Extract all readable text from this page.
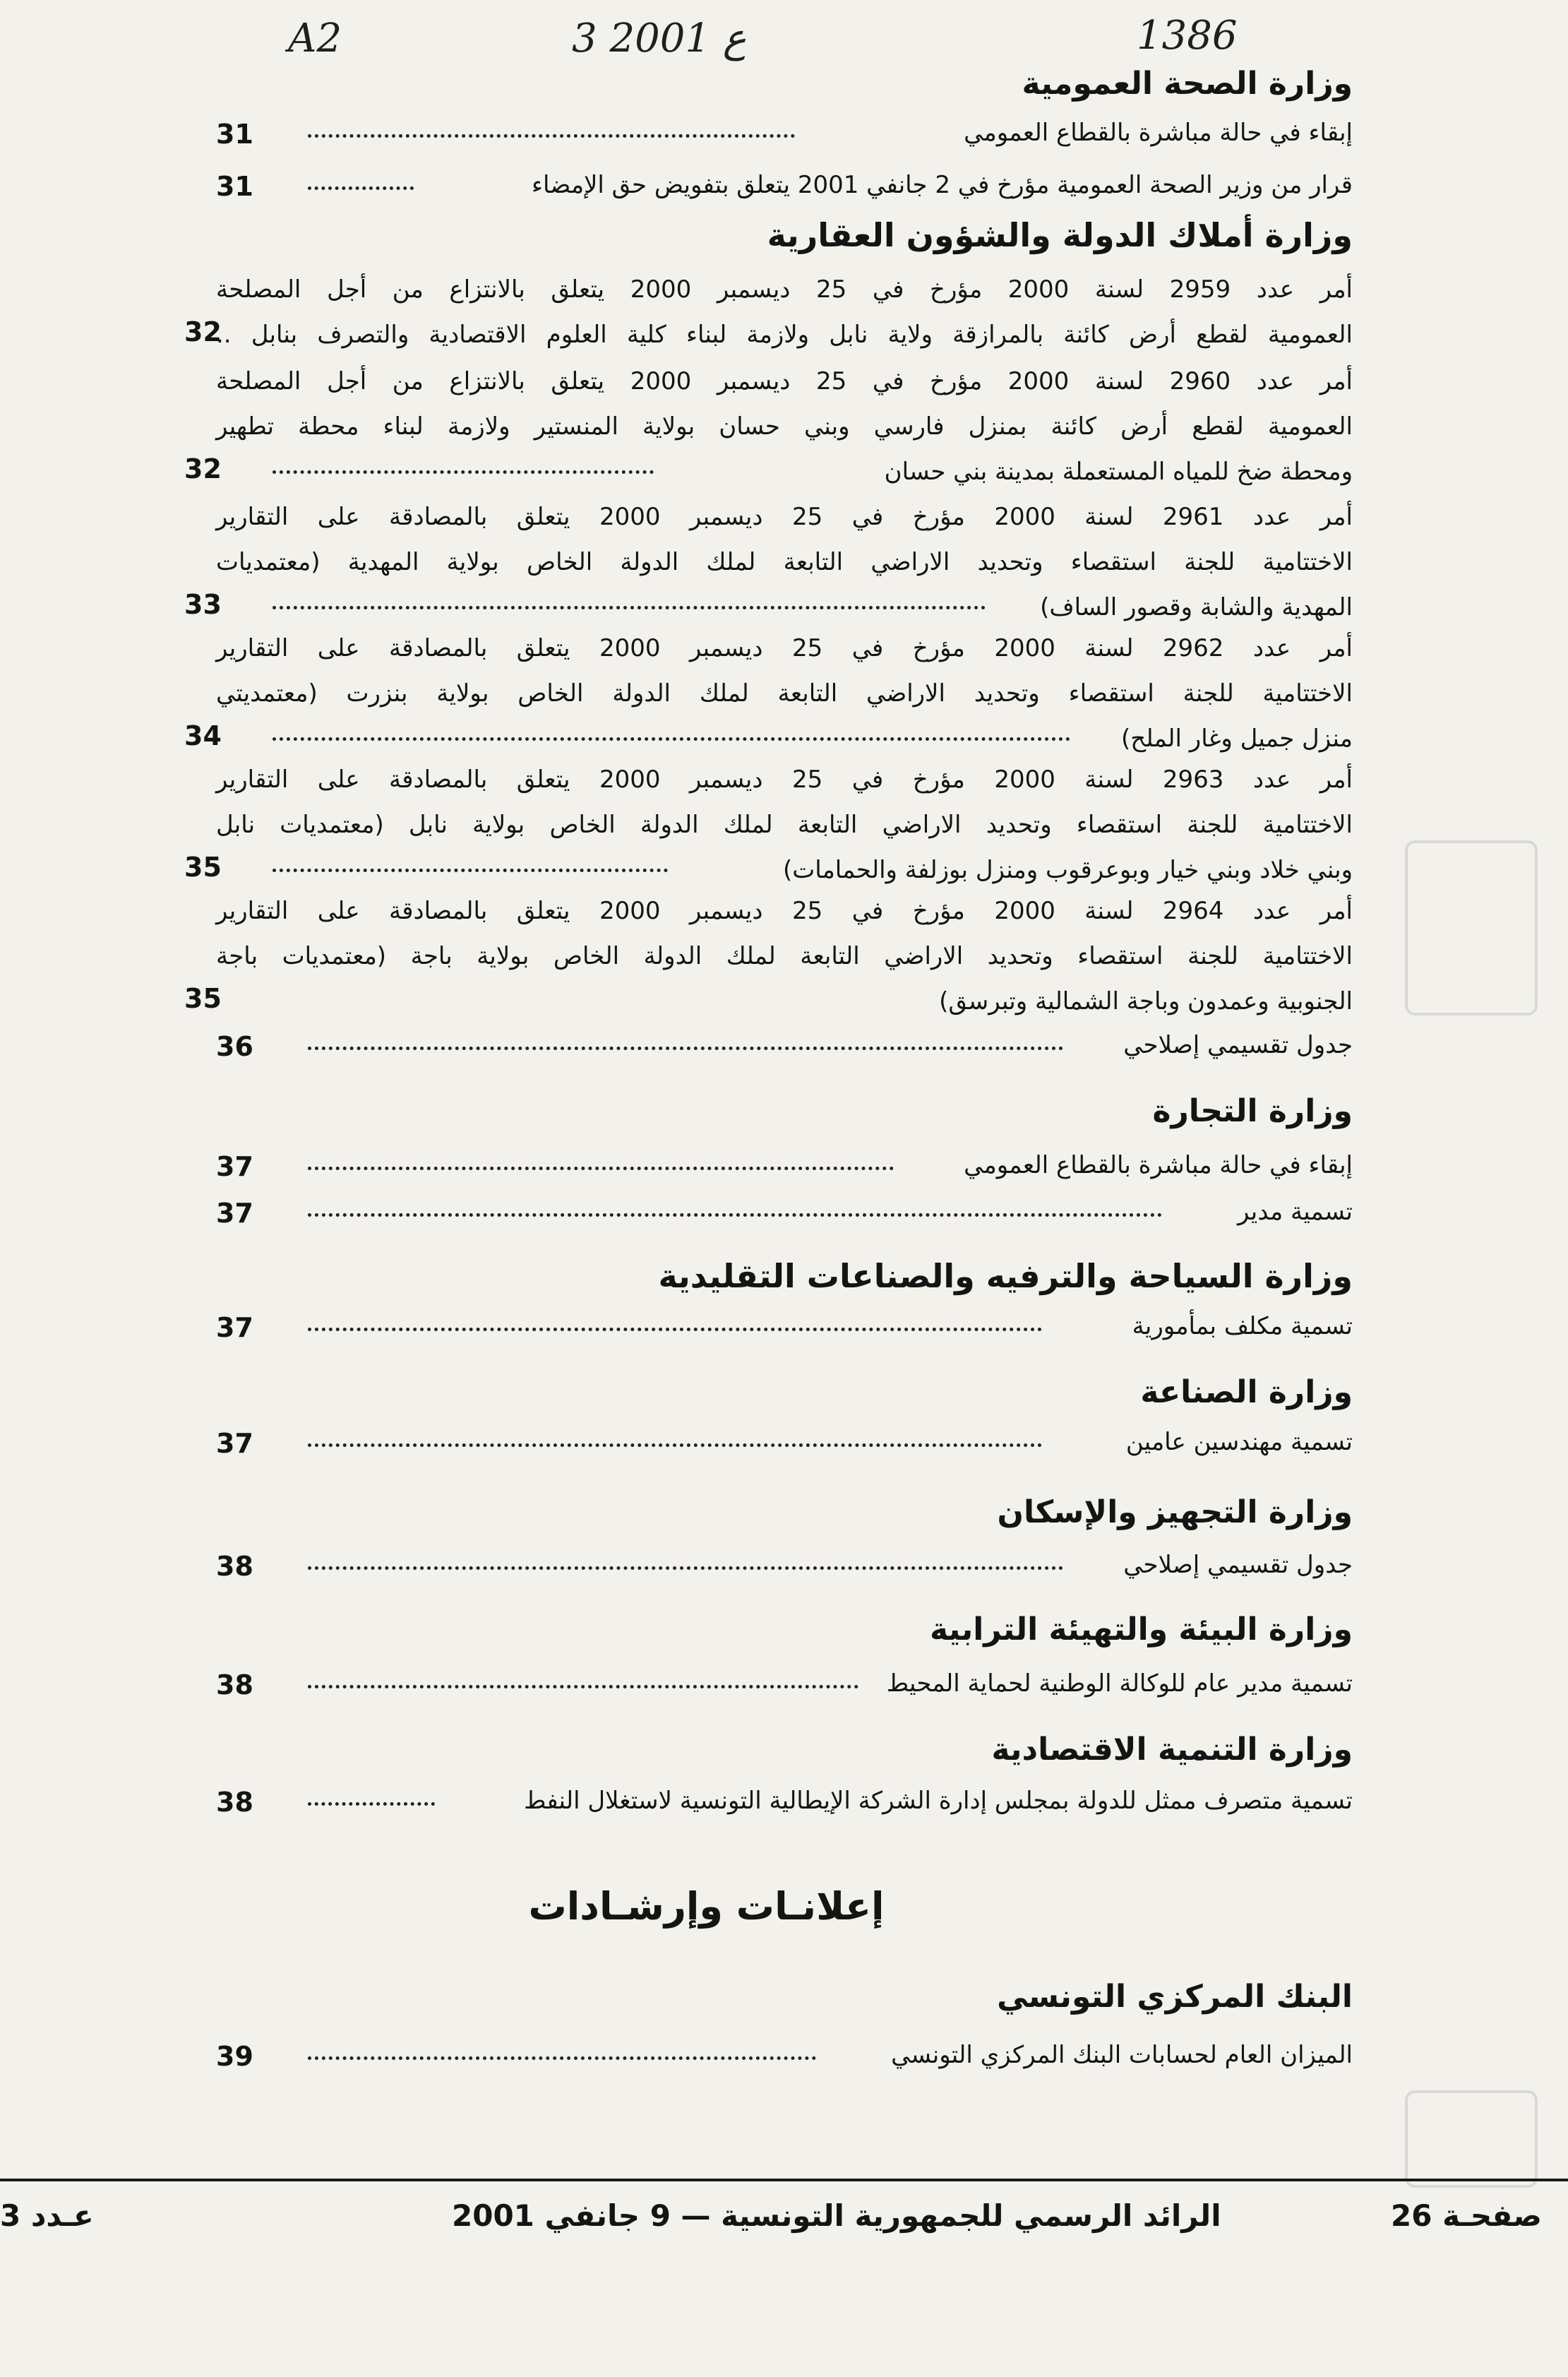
A2	3 ع 2001	1386
وزارة الصحة العمومية
إبقاء في حالة مباشرة بالقطاع العمومي
31
قرار من وزير الصحة العمومية مؤرخ في 2 جانفي 2001 يتعلق بتفويض حق الإمضاء
31
وزارة أملاك الدولة والشؤون العقارية
أمر عدد 2959 لسنة 2000 مؤرخ في 25 ديسمبر 2000 يتعلق بالانتزاع من أجل المصلحة
العمومية لقطع أرض كائنة بالمرازقة ولاية نابل ولازمة لبناء كلية العلوم الاقتصادية والتصرف بنابل ..
32
أمر عدد 2960 لسنة 2000 مؤرخ في 25 ديسمبر 2000 يتعلق بالانتزاع من أجل المصلحة
العمومية لقطع أرض كائنة بمنزل فارسي وبني حسان بولاية المنستير ولازمة لبناء محطة تطهير
ومحطة ضخ للمياه المستعملة بمدينة بني حسان
32
أمر عدد 2961 لسنة 2000 مؤرخ في 25 ديسمبر 2000 يتعلق بالمصادقة على التقارير
الاختتامية للجنة استقصاء وتحديد الاراضي التابعة لملك الدولة الخاص بولاية المهدية (معتمديات
المهدية والشابة وقصور الساف)
33
أمر عدد 2962 لسنة 2000 مؤرخ في 25 ديسمبر 2000 يتعلق بالمصادقة على التقارير
الاختتامية للجنة استقصاء وتحديد الاراضي التابعة لملك الدولة الخاص بولاية بنزرت (معتمديتي
منزل جميل وغار الملح)
34
أمر عدد 2963 لسنة 2000 مؤرخ في 25 ديسمبر 2000 يتعلق بالمصادقة على التقارير
الاختتامية للجنة استقصاء وتحديد الاراضي التابعة لملك الدولة الخاص بولاية نابل (معتمديات نابل
وبني خلاد وبني خيار وبوعرقوب ومنزل بوزلفة والحمامات)
35
أمر عدد 2964 لسنة 2000 مؤرخ في 25 ديسمبر 2000 يتعلق بالمصادقة على التقارير
الاختتامية للجنة استقصاء وتحديد الاراضي التابعة لملك الدولة الخاص بولاية باجة (معتمديات باجة
الجنوبية وعمدون وباجة الشمالية وتبرسق)
35
جدول تقسيمي إصلاحي
36
وزارة التجارة
إبقاء في حالة مباشرة بالقطاع العمومي
37
تسمية مدير
37
وزارة السياحة والترفيه والصناعات التقليدية
تسمية مكلف بمأمورية
37
وزارة الصناعة
تسمية مهندسين عامين
37
وزارة التجهيز والإسكان
جدول تقسيمي إصلاحي
38
وزارة البيئة والتهيئة الترابية
تسمية مدير عام للوكالة الوطنية لحماية المحيط
38
وزارة التنمية الاقتصادية
تسمية متصرف ممثل للدولة بمجلس إدارة الشركة الإيطالية التونسية لاستغلال النفط
38
إعلانـات وإرشـادات
البنك المركزي التونسي
الميزان العام لحسابات البنك المركزي التونسي
39
صفحـة 26
الرائد الرسمي للجمهورية التونسية — 9 جانفي 2001
عـدد 3
